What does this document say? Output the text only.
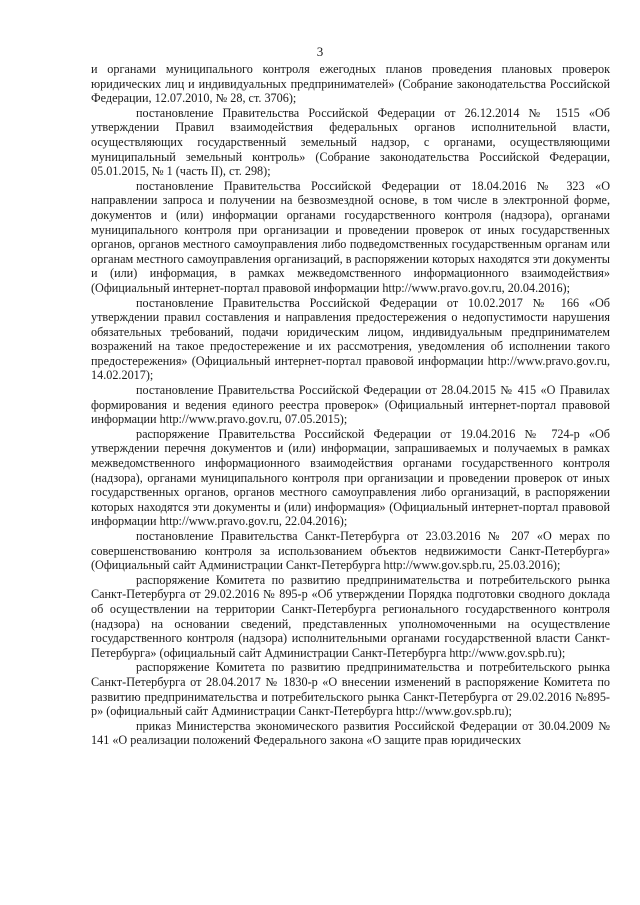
3

и органами муниципального контроля ежегодных планов проведения плановых проверок юридических лиц и индивидуальных предпринимателей» (Собрание законодательства Российской Федерации, 12.07.2010, № 28, ст. 3706);

постановление Правительства Российской Федерации от 26.12.2014 № 1515 «Об утверждении Правил взаимодействия федеральных органов исполнительной власти, осуществляющих государственный земельный надзор, с органами, осуществляющими муниципальный земельный контроль» (Собрание законодательства Российской Федерации, 05.01.2015, № 1 (часть II), ст. 298);

постановление Правительства Российской Федерации от 18.04.2016 № 323 «О направлении запроса и получении на безвозмездной основе, в том числе в электронной форме, документов и (или) информации органами государственного контроля (надзора), органами муниципального контроля при организации и проведении проверок от иных государственных органов, органов местного самоуправления либо подведомственных государственным органам или органам местного самоуправления организаций, в распоряжении которых находятся эти документы и (или) информация, в рамках межведомственного информационного взаимодействия» (Официальный интернет-портал правовой информации http://www.pravo.gov.ru, 20.04.2016);

постановление Правительства Российской Федерации от 10.02.2017 № 166 «Об утверждении правил составления и направления предостережения о недопустимости нарушения обязательных требований, подачи юридическим лицом, индивидуальным предпринимателем возражений на такое предостережение и их рассмотрения, уведомления об исполнении такого предостережения» (Официальный интернет-портал правовой информации http://www.pravo.gov.ru, 14.02.2017);

постановление Правительства Российской Федерации от 28.04.2015 № 415 «О Правилах формирования и ведения единого реестра проверок» (Официальный интернет-портал правовой информации http://www.pravo.gov.ru, 07.05.2015);

распоряжение Правительства Российской Федерации от 19.04.2016 № 724-р «Об утверждении перечня документов и (или) информации, запрашиваемых и получаемых в рамках межведомственного информационного взаимодействия органами государственного контроля (надзора), органами муниципального контроля при организации и проведении проверок от иных государственных органов, органов местного самоуправления либо организаций, в распоряжении которых находятся эти документы и (или) информация» (Официальный интернет-портал правовой информации http://www.pravo.gov.ru, 22.04.2016);

постановление Правительства Санкт-Петербурга от 23.03.2016 № 207 «О мерах по совершенствованию контроля за использованием объектов недвижимости Санкт-Петербурга» (Официальный сайт Администрации Санкт-Петербурга http://www.gov.spb.ru, 25.03.2016);

распоряжение Комитета по развитию предпринимательства и потребительского рынка Санкт-Петербурга от 29.02.2016 № 895-р «Об утверждении Порядка подготовки сводного доклада об осуществлении на территории Санкт-Петербурга регионального государственного контроля (надзора) на основании сведений, представленных уполномоченными на осуществление государственного контроля (надзора) исполнительными органами государственной власти Санкт-Петербурга» (официальный сайт Администрации Санкт-Петербурга http://www.gov.spb.ru);

распоряжение Комитета по развитию предпринимательства и потребительского рынка Санкт-Петербурга от 28.04.2017 № 1830-р «О внесении изменений в распоряжение Комитета по развитию предпринимательства и потребительского рынка Санкт-Петербурга от 29.02.2016 №895-р» (официальный сайт Администрации Санкт-Петербурга http://www.gov.spb.ru);

приказ Министерства экономического развития Российской Федерации от 30.04.2009 № 141 «О реализации положений Федерального закона «О защите прав юридических
